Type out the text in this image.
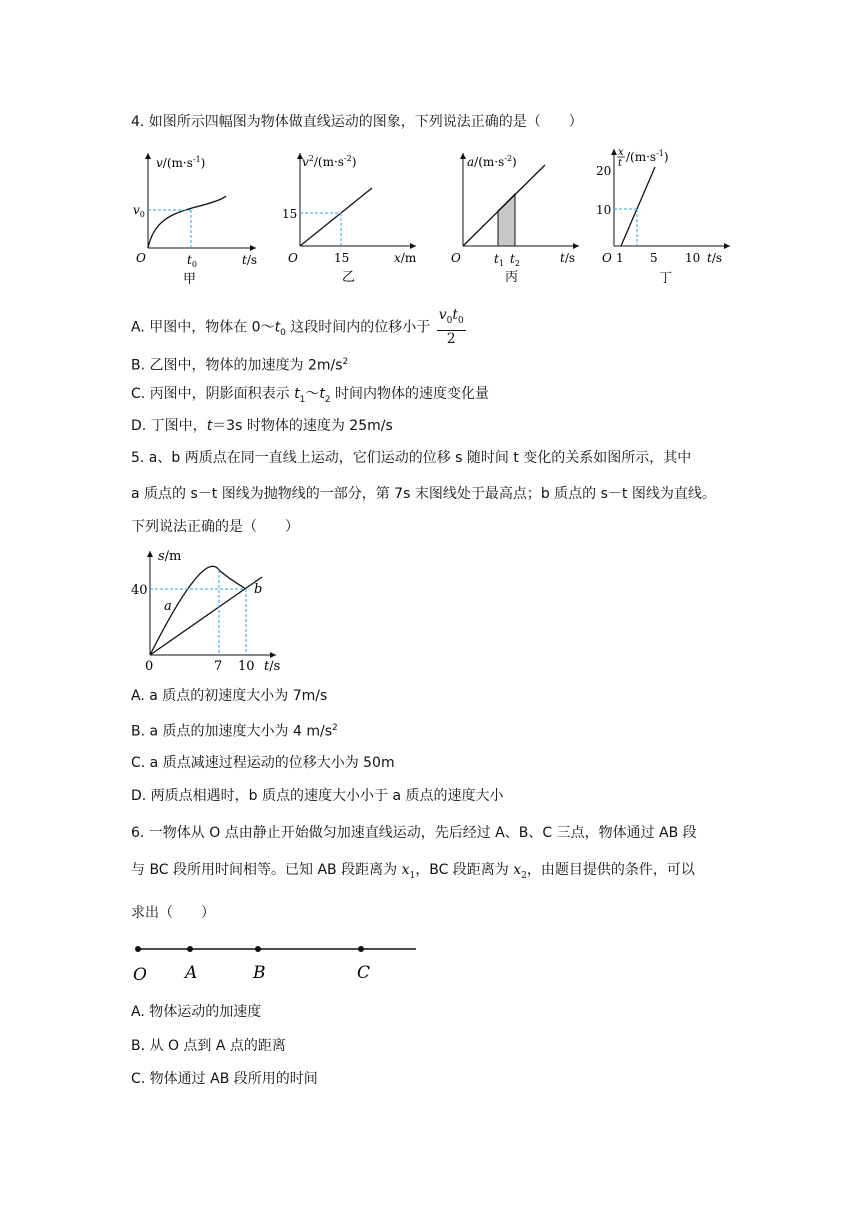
4. 如图所示四幅图为物体做直线运动的图象，下列说法正确的是（　　）
$v/(m\cdot s^{-1})$
$v_0$
O	$t_0$	t/s
甲
$v^2/(m\cdot s^{-2})$
15
O	15	x/m
乙
$a/(m\cdot s^{-2})$
O	$t_1$ $t_2$	t/s
丙
x
t $/(m\cdot s^{-1})$
20
10
O 1 5 10 t/s
丁
A. 甲图中，物体在 $0\sim t_0$ 这段时间内的位移小于 $\frac{v_0t_0}{2}$
B. 乙图中，物体的加速度为 $2m/s^2$
C. 丙图中，阴影面积表示 $t_1\sim t_2$ 时间内物体的速度变化量
D. 丁图中，t＝3s 时物体的速度为 25m/s
5. a、b 两质点在同一直线上运动，它们运动的位移 s 随时间 t 变化的关系如图所示，其中
a 质点的 s－t 图线为抛物线的一部分，第 7s 末图线处于最高点；b 质点的 s－t 图线为直线。
下列说法正确的是（　　）
s/m
40
a
b
0	7 10 t/s
A. a 质点的初速度大小为 7m/s
B. a 质点的加速度大小为 4 $m/s^2$
C. a 质点减速过程运动的位移大小为 50m
D. 两质点相遇时，b 质点的速度大小小于 a 质点的速度大小
6. 一物体从 O 点由静止开始做匀加速直线运动，先后经过 A、B、C 三点，物体通过 AB 段
与 BC 段所用时间相等。已知 AB 段距离为 $x_1$，BC 段距离为 $x_2$，由题目提供的条件，可以
求出（　　）
O A	B	C
A. 物体运动的加速度
B. 从 O 点到 A 点的距离
C. 物体通过 AB 段所用的时间
